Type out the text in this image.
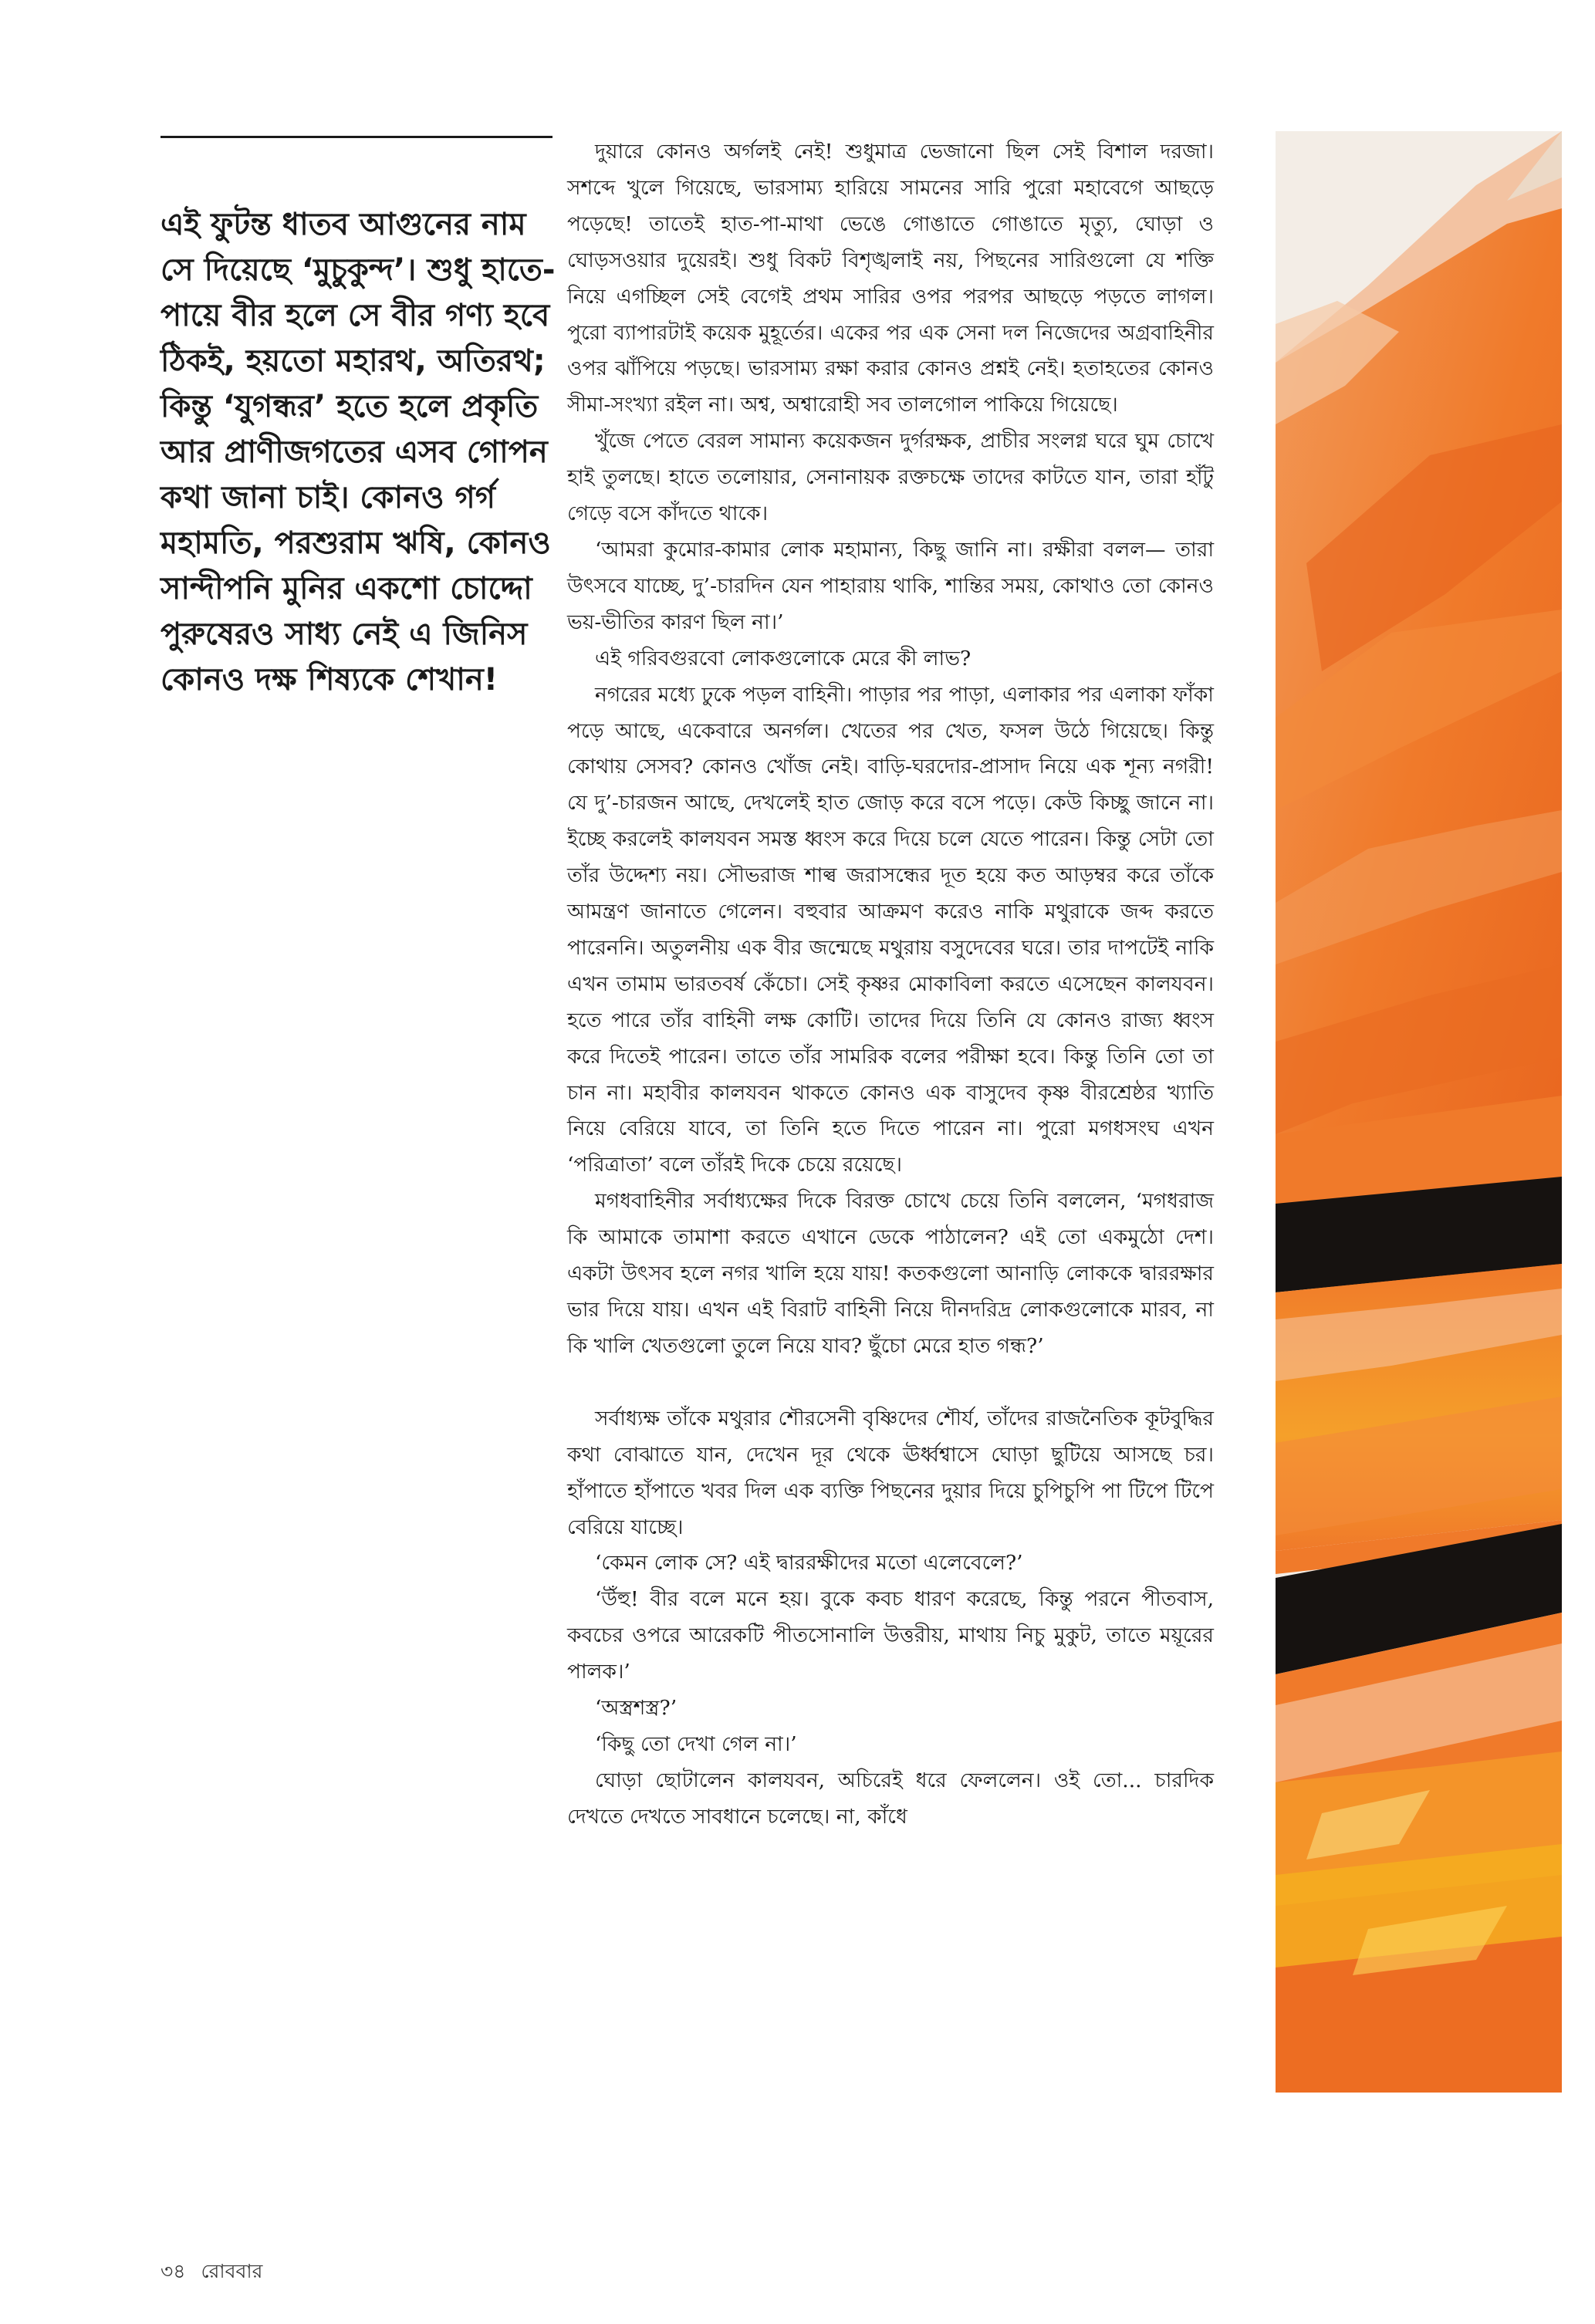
এই ফুটন্ত ধাতব আগুনের নাম সে দিয়েছে ‘মুচুকুন্দ’। শুধু হাতে-পায়ে বীর হলে সে বীর গণ্য হবে ঠিকই, হয়তো মহারথ, অতিরথ; কিন্তু ‘যুগন্ধর’ হতে হলে প্রকৃতি আর প্রাণীজগতের এসব গোপন কথা জানা চাই। কোনও গর্গ মহামতি, পরশুরাম ঋষি, কোনও সান্দীপনি মুনির একশো চোদ্দো পুরুষেরও সাধ্য নেই এ জিনিস কোনও দক্ষ শিষ্যকে শেখান!

দুয়ারে কোনও অর্গলই নেই! শুধুমাত্র ভেজানো ছিল সেই বিশাল দরজা। সশব্দে খুলে গিয়েছে, ভারসাম্য হারিয়ে সামনের সারি পুরো মহাবেগে আছড়ে পড়েছে! তাতেই হাত-পা-মাথা ভেঙে গোঙাতে গোঙাতে মৃত্যু, ঘোড়া ও ঘোড়সওয়ার দুয়েরই। শুধু বিকট বিশৃঙ্খলাই নয়, পিছনের সারিগুলো যে শক্তি নিয়ে এগচ্ছিল সেই বেগেই প্রথম সারির ওপর পরপর আছড়ে পড়তে লাগল। পুরো ব্যাপারটাই কয়েক মুহূর্তের। একের পর এক সেনা দল নিজেদের অগ্রবাহিনীর ওপর ঝাঁপিয়ে পড়ছে। ভারসাম্য রক্ষা করার কোনও প্রশ্নই নেই। হতাহতের কোনও সীমা-সংখ্যা রইল না। অশ্ব, অশ্বারোহী সব তালগোল পাকিয়ে গিয়েছে।

খুঁজে পেতে বেরল সামান্য কয়েকজন দুর্গরক্ষক, প্রাচীর সংলগ্ন ঘরে ঘুম চোখে হাই তুলছে। হাতে তলোয়ার, সেনানায়ক রক্তচক্ষে তাদের কাটতে যান, তারা হাঁটু গেড়ে বসে কাঁদতে থাকে।

‘আমরা কুমোর-কামার লোক মহামান্য, কিছু জানি না। রক্ষীরা বলল— তারা উৎসবে যাচ্ছে, দু’-চারদিন যেন পাহারায় থাকি, শান্তির সময়, কোথাও তো কোনও ভয়-ভীতির কারণ ছিল না।’

এই গরিবগুরবো লোকগুলোকে মেরে কী লাভ?

নগরের মধ্যে ঢুকে পড়ল বাহিনী। পাড়ার পর পাড়া, এলাকার পর এলাকা ফাঁকা পড়ে আছে, একেবারে অনর্গল। খেতের পর খেত, ফসল উঠে গিয়েছে। কিন্তু কোথায় সেসব? কোনও খোঁজ নেই। বাড়ি-ঘরদোর-প্রাসাদ নিয়ে এক শূন্য নগরী! যে দু’-চারজন আছে, দেখলেই হাত জোড় করে বসে পড়ে। কেউ কিচ্ছু জানে না। ইচ্ছে করলেই কালযবন সমস্ত ধ্বংস করে দিয়ে চলে যেতে পারেন। কিন্তু সেটা তো তাঁর উদ্দেশ্য নয়। সৌভরাজ শাল্ব জরাসন্ধের দূত হয়ে কত আড়ম্বর করে তাঁকে আমন্ত্রণ জানাতে গেলেন। বহুবার আক্রমণ করেও নাকি মথুরাকে জব্দ করতে পারেননি। অতুলনীয় এক বীর জন্মেছে মথুরায় বসুদেবের ঘরে। তার দাপটেই নাকি এখন তামাম ভারতবর্ষ কেঁচো। সেই কৃষ্ণর মোকাবিলা করতে এসেছেন কালযবন। হতে পারে তাঁর বাহিনী লক্ষ কোটি। তাদের দিয়ে তিনি যে কোনও রাজ্য ধ্বংস করে দিতেই পারেন। তাতে তাঁর সামরিক বলের পরীক্ষা হবে। কিন্তু তিনি তো তা চান না। মহাবীর কালযবন থাকতে কোনও এক বাসুদেব কৃষ্ণ বীরশ্রেষ্ঠর খ্যাতি নিয়ে বেরিয়ে যাবে, তা তিনি হতে দিতে পারেন না। পুরো মগধসংঘ এখন ‘পরিত্রাতা’ বলে তাঁরই দিকে চেয়ে রয়েছে।

মগধবাহিনীর সর্বাধ্যক্ষের দিকে বিরক্ত চোখে চেয়ে তিনি বললেন, ‘মগধরাজ কি আমাকে তামাশা করতে এখানে ডেকে পাঠালেন? এই তো একমুঠো দেশ। একটা উৎসব হলে নগর খালি হয়ে যায়! কতকগুলো আনাড়ি লোককে দ্বাররক্ষার ভার দিয়ে যায়। এখন এই বিরাট বাহিনী নিয়ে দীনদরিদ্র লোকগুলোকে মারব, না কি খালি খেতগুলো তুলে নিয়ে যাব? ছুঁচো মেরে হাত গন্ধ?’

সর্বাধ্যক্ষ তাঁকে মথুরার শৌরসেনী বৃষ্ণিদের শৌর্য, তাঁদের রাজনৈতিক কূটবুদ্ধির কথা বোঝাতে যান, দেখেন দূর থেকে ঊর্ধ্বশ্বাসে ঘোড়া ছুটিয়ে আসছে চর। হাঁপাতে হাঁপাতে খবর দিল এক ব্যক্তি পিছনের দুয়ার দিয়ে চুপিচুপি পা টিপে টিপে বেরিয়ে যাচ্ছে।

‘কেমন লোক সে? এই দ্বাররক্ষীদের মতো এলেবেলে?’

‘উঁহু! বীর বলে মনে হয়। বুকে কবচ ধারণ করেছে, কিন্তু পরনে পীতবাস, কবচের ওপরে আরেকটি পীতসোনালি উত্তরীয়, মাথায় নিচু মুকুট, তাতে ময়ূরের পালক।’

‘অস্ত্রশস্ত্র?’

‘কিছু তো দেখা গেল না।’

ঘোড়া ছোটালেন কালযবন, অচিরেই ধরে ফেললেন। ওই তো... চারদিক দেখতে দেখতে সাবধানে চলেছে। না, কাঁধে

৩৪ রোববার
